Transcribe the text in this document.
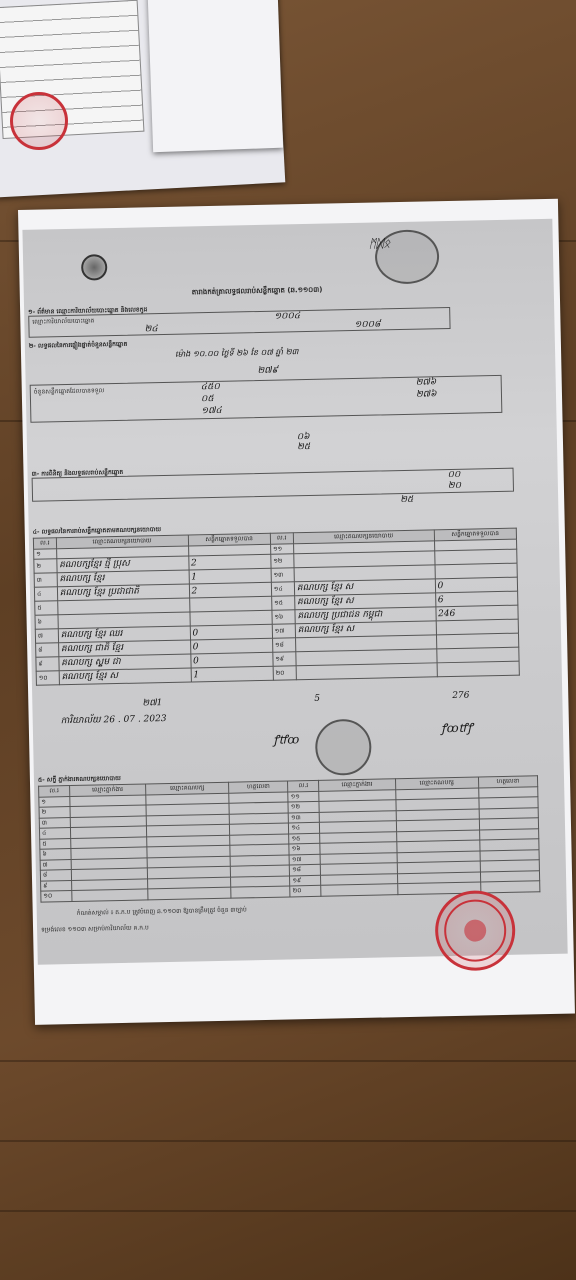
ᛗᛞᛟ
តារាងកត់ត្រាលទ្ធផលរាប់សន្លឹកឆ្នោត (ឆ.១១០៣)
១- ព័ត៌មាន ឈ្មោះការិយាល័យបោះឆ្នោត និងលេខកូដ
ឈ្មោះការិយាល័យបោះឆ្នោត	១០០៤
២៤	១០០៨
២- លទ្ធផលនៃការផ្ទៀងផ្ទាត់ចំនួនសន្លឹកឆ្នោត
ម៉ោង ១០.០០ ថ្ងៃទី ២៦ ខែ ០៧ ឆ្នាំ ២៣
២៧៩
ចំនួនសន្លឹកឆ្នោតដែលបានទទួល	៤៥០	២៧៦
០៥	២៧៦
១៧៤
០៦
២៥
៣- ការពិនិត្យ និងលទ្ធផលរាប់សន្លឹកឆ្នោត	០០
២០
២៥
៤- លទ្ធផលនៃការរាប់សន្លឹកឆ្នោតតាមគណបក្សនយោបាយ
ល.រ	ឈ្មោះគណបក្សនយោបាយ	សន្លឹកឆ្នោតទទួលបាន	ល.រ	ឈ្មោះគណបក្សនយោបាយ	សន្លឹកឆ្នោតទទួលបាន
១			១១		
២	គណបក្សខ្មែរ ថ្មី ប្រុស	2	១២		
៣	គណបក្ស ខ្មែរ	1	១៣		
៤	គណបក្ស ខ្មែរ ប្រជាជាតិ	2	១៤	គណបក្ស ខ្មែរ ស	0
៥			១៥	គណបក្ស ខ្មែរ ស	6
៦			១៦	គណបក្ស ប្រជាជន កម្ពុជា	246
៧	គណបក្ស ខ្មែរ ឈរ	0	១៧	គណបក្ស ខ្មែរ ស	
៨	គណបក្ស ជាតិ ខ្មែរ	0	១៨		
៩	គណបក្ស ស្ង្គម ជា	0	១៩		
១០	គណបក្ស ខ្មែរ ស	1	២០		
២៧1	5	276
ការិយាល័យ 26 . 07 . 2023
ꝭꝷꝏ
ꝭꝏꝷꝭ
៥- សក្ខី ភ្នាក់ងារគណបក្សនយោបាយ
ល.រ	ឈ្មោះភ្នាក់ងារ	ឈ្មោះគណបក្ស	ហត្ថលេខា	ល.រ	ឈ្មោះភ្នាក់ងារ	ឈ្មោះគណបក្ស	ហត្ថលេខា
១				១១			
២				១២			
៣				១៣			
៤				១៤			
៥				១៥			
៦				១៦			
៧				១៧			
៨				១៨			
៩				១៩			
១០				២០			
កំណត់សម្គាល់ ៖ គ.ក.ប ត្រូវបំពេញ ឆ.១១០៣ ឱ្យបានត្រឹមត្រូវ ចំនួន ៣ច្បាប់
ទម្រង់លេខ ១១០៣ សម្រាប់ការិយាល័យ គ.ក.ប
